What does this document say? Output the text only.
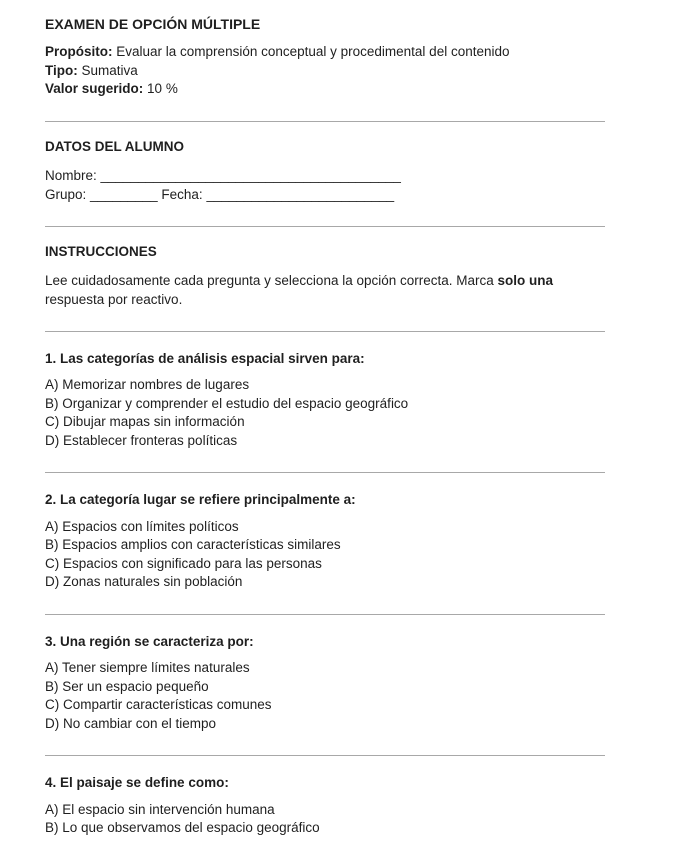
EXAMEN DE OPCIÓN MÚLTIPLE

Propósito: Evaluar la comprensión conceptual y procedimental del contenido

Tipo: Sumativa

Valor sugerido: 10 %

DATOS DEL ALUMNO

Nombre: ________________________________________

Grupo: _________ Fecha: _________________________

INSTRUCCIONES

Lee cuidadosamente cada pregunta y selecciona la opción correcta. Marca solo una respuesta por reactivo.

1. Las categorías de análisis espacial sirven para:
A) Memorizar nombres de lugares
B) Organizar y comprender el estudio del espacio geográfico
C) Dibujar mapas sin información
D) Establecer fronteras políticas
2. La categoría lugar se refiere principalmente a:
A) Espacios con límites políticos
B) Espacios amplios con características similares
C) Espacios con significado para las personas
D) Zonas naturales sin población
3. Una región se caracteriza por:
A) Tener siempre límites naturales
B) Ser un espacio pequeño
C) Compartir características comunes
D) No cambiar con el tiempo
4. El paisaje se define como:
A) El espacio sin intervención humana
B) Lo que observamos del espacio geográfico
